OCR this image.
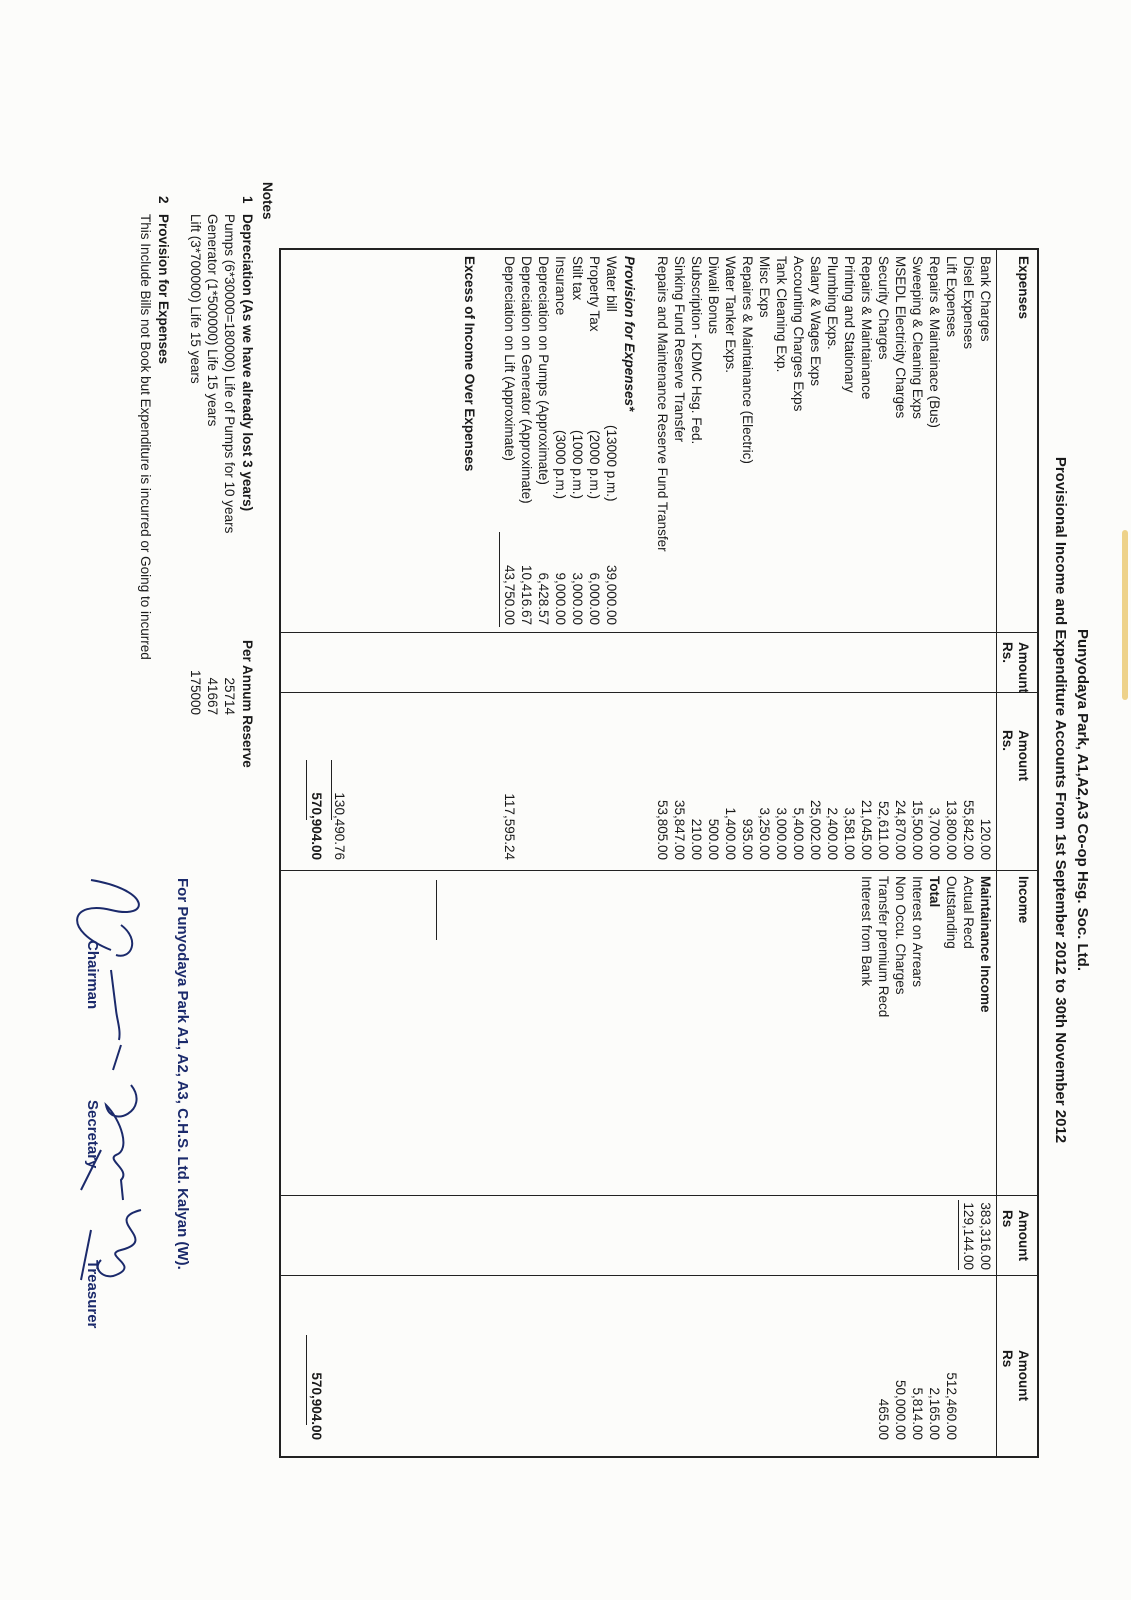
Punyodaya Park, A1,A2,A3 Co-op Hsg. Soc. Ltd.
Provisional Income and Expenditure Accounts From 1st September 2012 to 30th November 2012
Expenses
Amount
Rs.
Amount
Rs.
Income
Amount
Rs
Amount
Rs
Bank Charges
120.00
Disel Expenses
55,842.00
Lift Expenses
13,800.00
Repairs & Maintainace (Bus)
3,700.00
Sweeping & Cleaning Exps
15,500.00
MSEDL Electricity Charges
24,870.00
Security Charges
52,611.00
Repairs & Maintainance
21,045.00
Printing and Stationary
3,581.00
Plumbing Exps.
2,400.00
Salary & Wages Exps
25,002.00
Accounting Charges Exps
5,400.00
Tank Cleaning Exp.
3,000.00
Misc Exps
3,250.00
Repaires & Maintainance (Electric)
935.00
Water Tanker Exps.
1,400.00
Diwali Bonus
500.00
Subscription - KDMC Hsg. Fed.
210.00
Sinking Fund Reserve Transfer
35,847.00
Repairs and Maintenance Reserve Fund Transfer
53,805.00
Provision for Expenses*
Water bill
(13000 p.m.)
39,000.00
Property Tax
(2000 p.m.)
6,000.00
Stilt tax
(1000 p.m.)
3,000.00
Insurance
(3000 p.m.)
9,000.00
Depreciation on Pumps (Approximate)
6,428.57
Depreciation on Generator (Approximate)
10,416.67
Depreciation on Lift (Approximate)
43,750.00
117,595.24
Excess of Income Over Expenses
130,490.76
570,904.00
Maintainance Income
Actual Recd
383,316.00
Outstanding
129,144.00
Total
512,460.00
Interest on Arrears
2,165.00
Non Occu. Charges
5,814.00
Transfer premium Recd
50,000.00
Interest from Bank
465.00
570,904.00
Notes
1
Depreciation (As we have already lost 3 years)
Per Annum Reserve
Pumps (6*30000=180000) Life of Pumps for 10 years
25714
Generator (1*500000) Life 15 years
41667
Lift (3*700000) Life 15 years
175000
2
Provision for Expenses
This Include Bills not Book but Expenditure is incurred or Going to incurred
For Punyodaya Park A1, A2, A3, C.H.S. Ltd. Kalyan (W).
Chairman
Secretary
Treasurer
